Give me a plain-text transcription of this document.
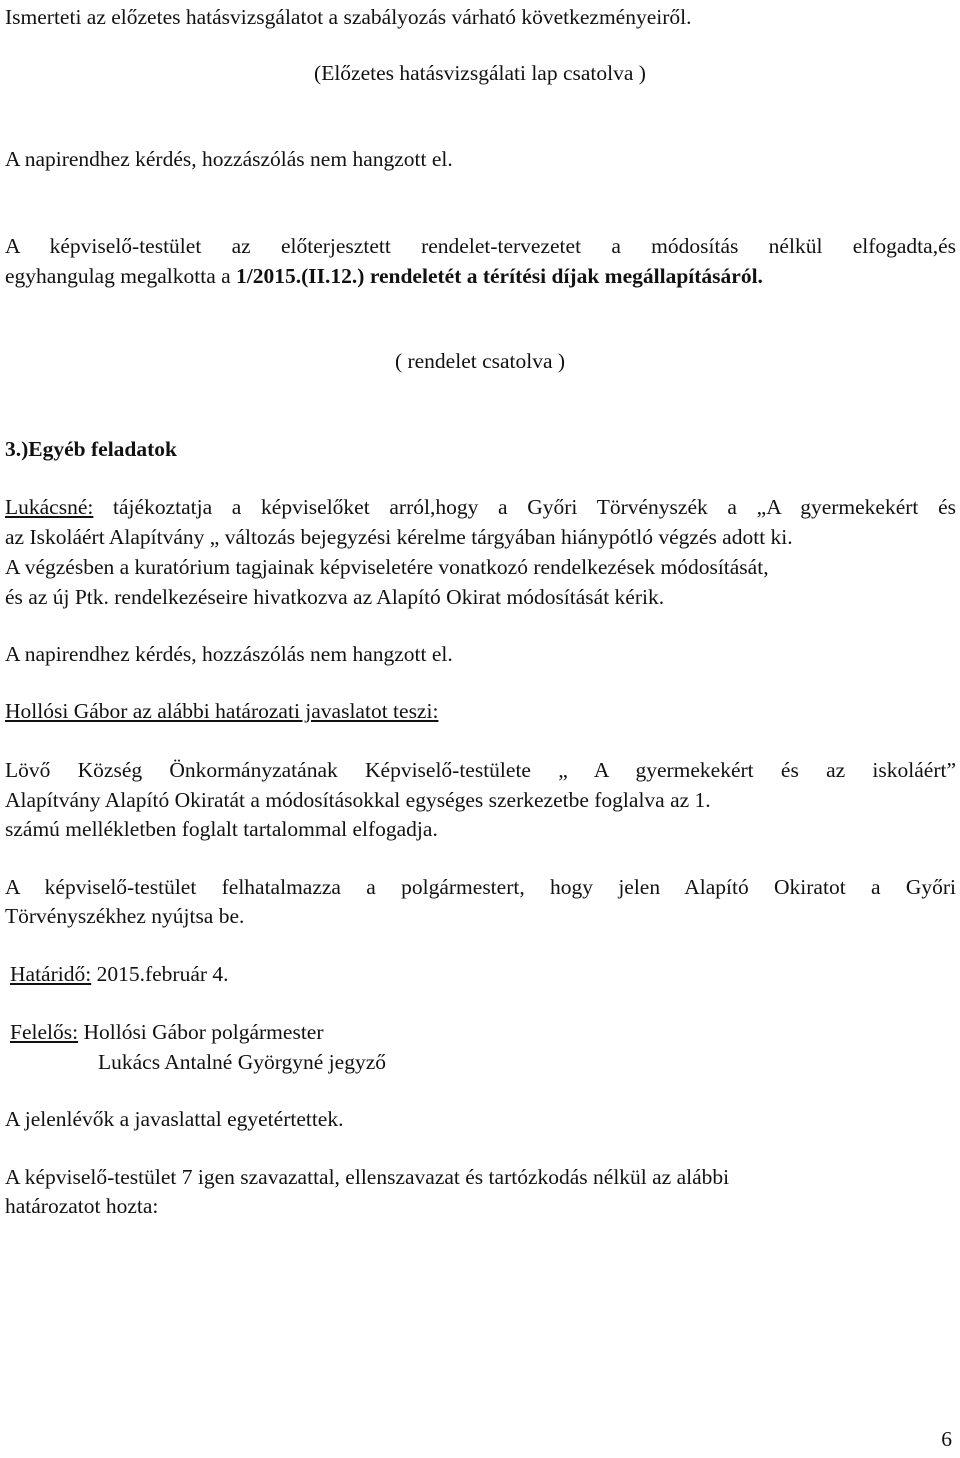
Ismerteti az előzetes hatásvizsgálatot a szabályozás várható következményeiről.
(Előzetes hatásvizsgálati lap csatolva )
A napirendhez kérdés, hozzászólás nem hangzott el.
A képviselő-testület az előterjesztett rendelet-tervezetet a módosítás nélkül elfogadta,és
egyhangulag megalkotta a 1/2015.(II.12.) rendeletét a térítési díjak megállapításáról.
( rendelet csatolva )
3.)Egyéb feladatok
Lukácsné: tájékoztatja a képviselőket arról,hogy a Győri Törvényszék a „A gyermekekért és
az Iskoláért Alapítvány „ változás bejegyzési kérelme tárgyában hiánypótló végzés adott ki.
A végzésben a kuratórium tagjainak képviseletére vonatkozó rendelkezések módosítását,
és az új Ptk. rendelkezéseire hivatkozva az Alapító Okirat módosítását kérik.
A napirendhez kérdés, hozzászólás nem hangzott el.
Hollósi Gábor az alábbi határozati javaslatot teszi:
Lövő Község Önkormányzatának Képviselő-testülete „ A gyermekekért és az iskoláért”
Alapítvány Alapító Okiratát a módosításokkal egységes szerkezetbe foglalva az 1.
számú mellékletben foglalt tartalommal elfogadja.
A képviselő-testület felhatalmazza a polgármestert, hogy jelen Alapító Okiratot a Győri
Törvényszékhez nyújtsa be.
Határidő: 2015.február 4.
Felelős: Hollósi Gábor polgármester
Lukács Antalné Györgyné jegyző
A jelenlévők a javaslattal egyetértettek.
A képviselő-testület 7 igen szavazattal, ellenszavazat és tartózkodás nélkül az alábbi
határozatot hozta:
6
